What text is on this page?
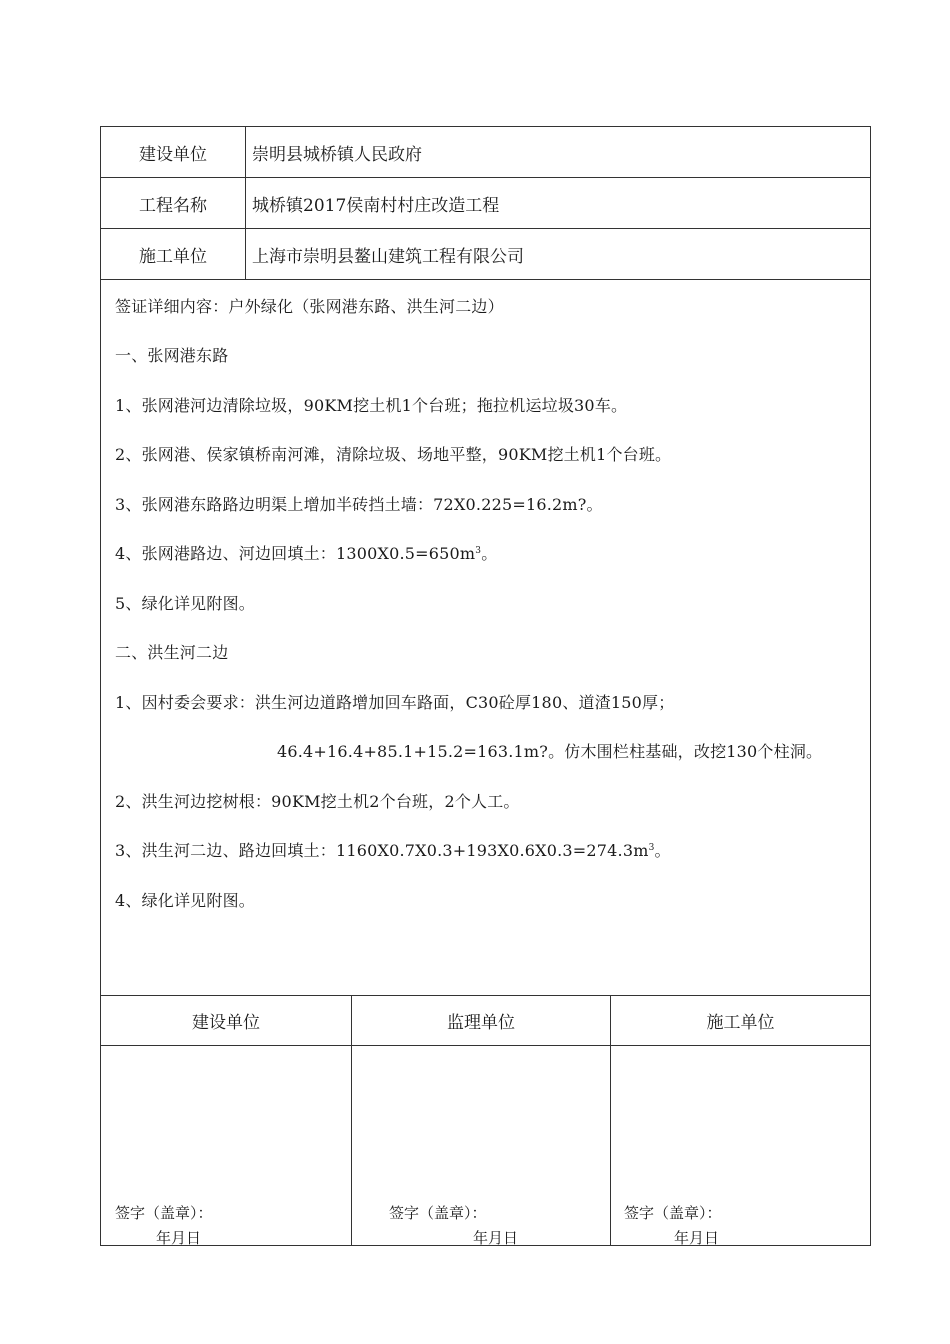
建设单位	崇明县城桥镇人民政府
工程名称	城桥镇2017侯南村村庄改造工程
施工单位	上海市崇明县鳌山建筑工程有限公司
签证详细内容：户外绿化（张网港东路、洪生河二边）
一、张网港东路
1、张网港河边清除垃圾，90KM挖土机1个台班；拖拉机运垃圾30车。
2、张网港、侯家镇桥南河滩，清除垃圾、场地平整，90KM挖土机1个台班。
3、张网港东路路边明渠上增加半砖挡土墙：72X0.225=16.2m?。
4、张网港路边、河边回填土：$1300X0.5=650m^3$。
5、绿化详见附图。
二、洪生河二边
1、因村委会要求：洪生河边道路增加回车路面，C30砼厚180、道渣150厚；
46.4+16.4+85.1+15.2=163.1m?。仿木围栏柱基础，改挖130个柱洞。
2、洪生河边挖树根：90KM挖土机2个台班，2个人工。
3、洪生河二边、路边回填土：$1160X0.7X0.3+193X0.6X0.3=274.3m^3$。
4、绿化详见附图。
建设单位	监理单位	施工单位
签字（盖章）：
年月日
签字（盖章）：
年月日
签字（盖章）：
年月日
